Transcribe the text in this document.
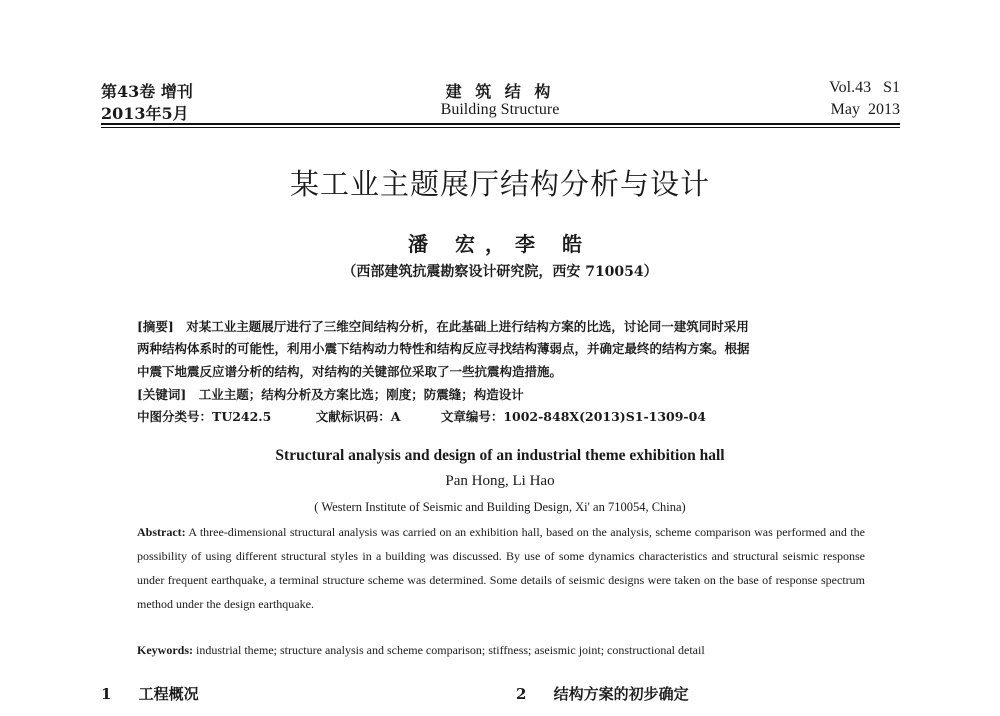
第43卷 增刊
2013年5月
建 筑 结 构
Building Structure
Vol.43   S1
May  2013
某工业主题展厅结构分析与设计
潘 宏，李 皓
（西部建筑抗震勘察设计研究院，西安 710054）
[摘要] 对某工业主题展厅进行了三维空间结构分析，在此基础上进行结构方案的比选，讨论同一建筑同时采用
两种结构体系时的可能性，利用小震下结构动力特性和结构反应寻找结构薄弱点，并确定最终的结构方案。根据
中震下地震反应谱分析的结构，对结构的关键部位采取了一些抗震构造措施。
[关键词] 工业主题；结构分析及方案比选；刚度；防震缝；构造设计
中图分类号：TU242.5	文献标识码：A	文章编号：1002-848X(2013)S1-1309-04
Structural analysis and design of an industrial theme exhibition hall
Pan Hong, Li Hao
( Western Institute of Seismic and Building Design, Xi' an 710054, China)
Abstract: A three-dimensional structural analysis was carried on an exhibition hall, based on the analysis, scheme comparison was performed and the possibility of using different structural styles in a building was discussed. By use of some dynamics characteristics and structural seismic response under frequent earthquake, a terminal structure scheme was determined. Some details of seismic designs were taken on the base of response spectrum method under the design earthquake.
Keywords: industrial theme; structure analysis and scheme comparison; stiffness; aseismic joint; constructional detail
1 工程概况	2 结构方案的初步确定
